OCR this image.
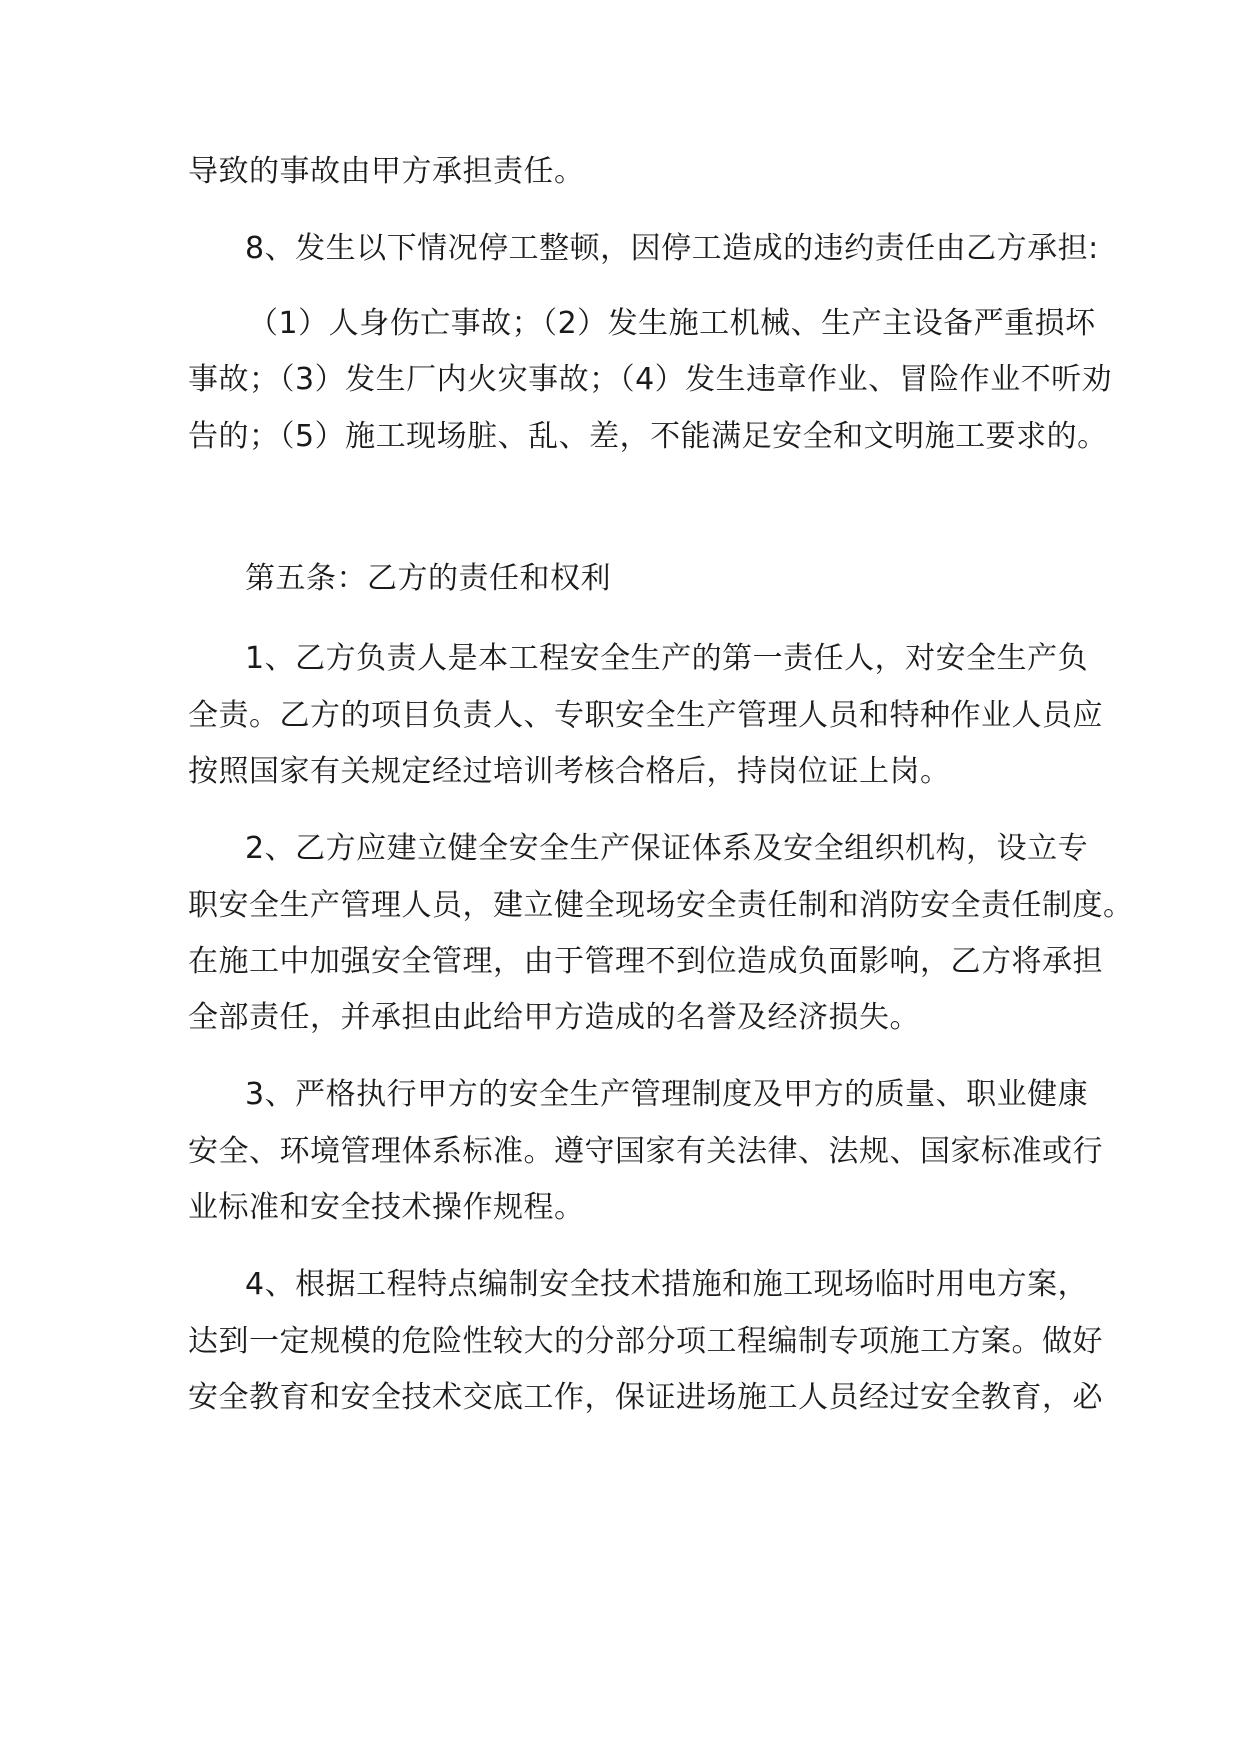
导致的事故由甲方承担责任。
8、发生以下情况停工整顿，因停工造成的违约责任由乙方承担:
（1）人身伤亡事故；（2）发生施工机械、生产主设备严重损坏
事故；（3）发生厂内火灾事故；（4）发生违章作业、冒险作业不听劝
告的；（5）施工现场脏、乱、差，不能满足安全和文明施工要求的。
第五条：乙方的责任和权利
1、乙方负责人是本工程安全生产的第一责任人，对安全生产负
全责。乙方的项目负责人、专职安全生产管理人员和特种作业人员应
按照国家有关规定经过培训考核合格后，持岗位证上岗。
2、乙方应建立健全安全生产保证体系及安全组织机构，设立专
职安全生产管理人员，建立健全现场安全责任制和消防安全责任制度。
在施工中加强安全管理，由于管理不到位造成负面影响，乙方将承担
全部责任，并承担由此给甲方造成的名誉及经济损失。
3、严格执行甲方的安全生产管理制度及甲方的质量、职业健康
安全、环境管理体系标准。遵守国家有关法律、法规、国家标准或行
业标准和安全技术操作规程。
4、根据工程特点编制安全技术措施和施工现场临时用电方案，
达到一定规模的危险性较大的分部分项工程编制专项施工方案。做好
安全教育和安全技术交底工作，保证进场施工人员经过安全教育，必
